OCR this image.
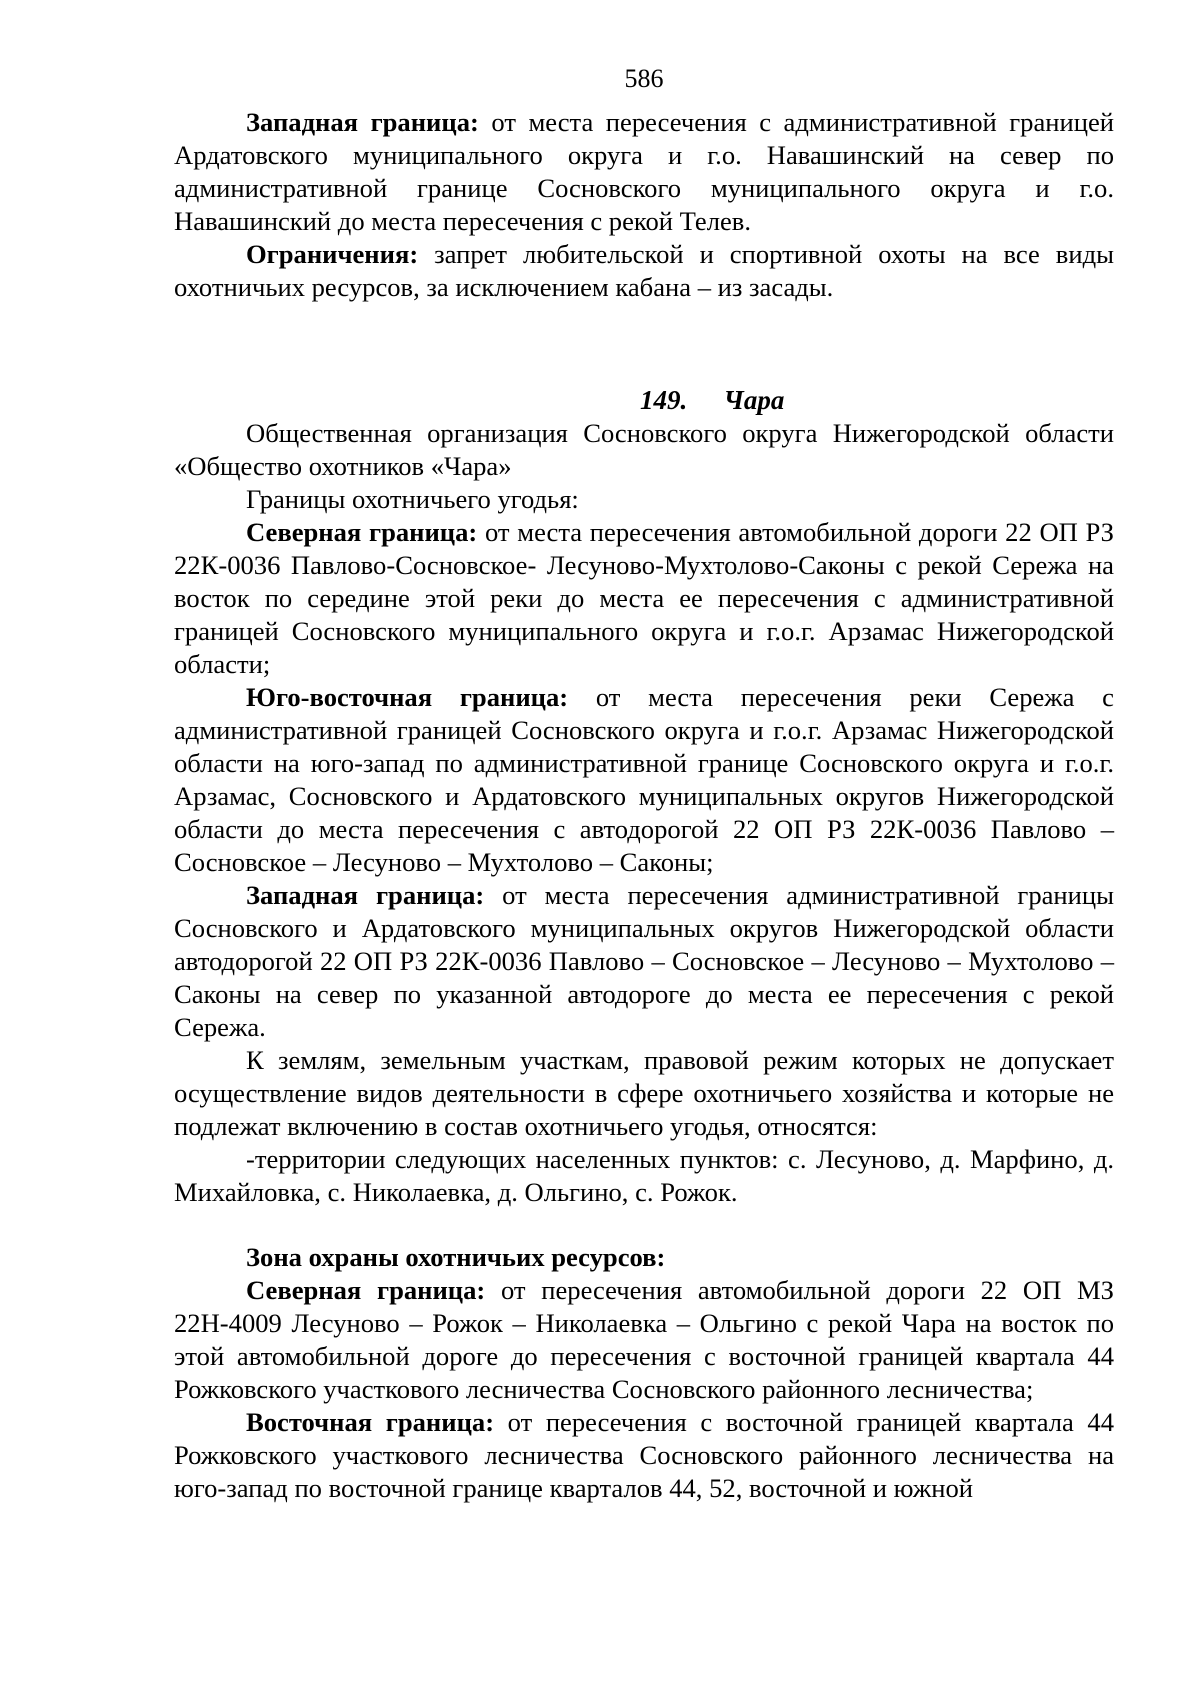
586

Западная граница: от места пересечения с административной границей Ардатовского муниципального округа и г.о. Навашинский на север по административной границе Сосновского муниципального округа и г.о. Навашинский до места пересечения с рекой Телев.

Ограничения: запрет любительской и спортивной охоты на все виды охотничьих ресурсов, за исключением кабана – из засады.

149. Чара

Общественная организация Сосновского округа Нижегородской области «Общество охотников «Чара»

Границы охотничьего угодья:

Северная граница: от места пересечения автомобильной дороги 22 ОП РЗ 22К-0036 Павлово-Сосновское- Лесуново-Мухтолово-Саконы с рекой Сережа на восток по середине этой реки до места ее пересечения с административной границей Сосновского муниципального округа и г.о.г. Арзамас Нижегородской области;

Юго-восточная граница: от места пересечения реки Сережа с административной границей Сосновского округа и г.о.г. Арзамас Нижегородской области на юго-запад по административной границе Сосновского округа и г.о.г. Арзамас, Сосновского и Ардатовского муниципальных округов Нижегородской области до места пересечения с автодорогой 22 ОП РЗ 22К-0036 Павлово – Сосновское – Лесуново – Мухтолово – Саконы;

Западная граница: от места пересечения административной границы Сосновского и Ардатовского муниципальных округов Нижегородской области автодорогой 22 ОП РЗ 22К-0036 Павлово – Сосновское – Лесуново – Мухтолово – Саконы на север по указанной автодороге до места ее пересечения с рекой Сережа.

К землям, земельным участкам, правовой режим которых не допускает осуществление видов деятельности в сфере охотничьего хозяйства и которые не подлежат включению в состав охотничьего угодья, относятся:

-территории следующих населенных пунктов: с. Лесуново, д. Марфино, д. Михайловка, с. Николаевка, д. Ольгино, с. Рожок.

Зона охраны охотничьих ресурсов:

Северная граница: от пересечения автомобильной дороги 22 ОП МЗ 22Н-4009 Лесуново – Рожок – Николаевка – Ольгино с рекой Чара на восток по этой автомобильной дороге до пересечения с восточной границей квартала 44 Рожковского участкового лесничества Сосновского районного лесничества;

Восточная граница: от пересечения с восточной границей квартала 44 Рожковского участкового лесничества Сосновского районного лесничества на юго-запад по восточной границе кварталов 44, 52, восточной и южной
